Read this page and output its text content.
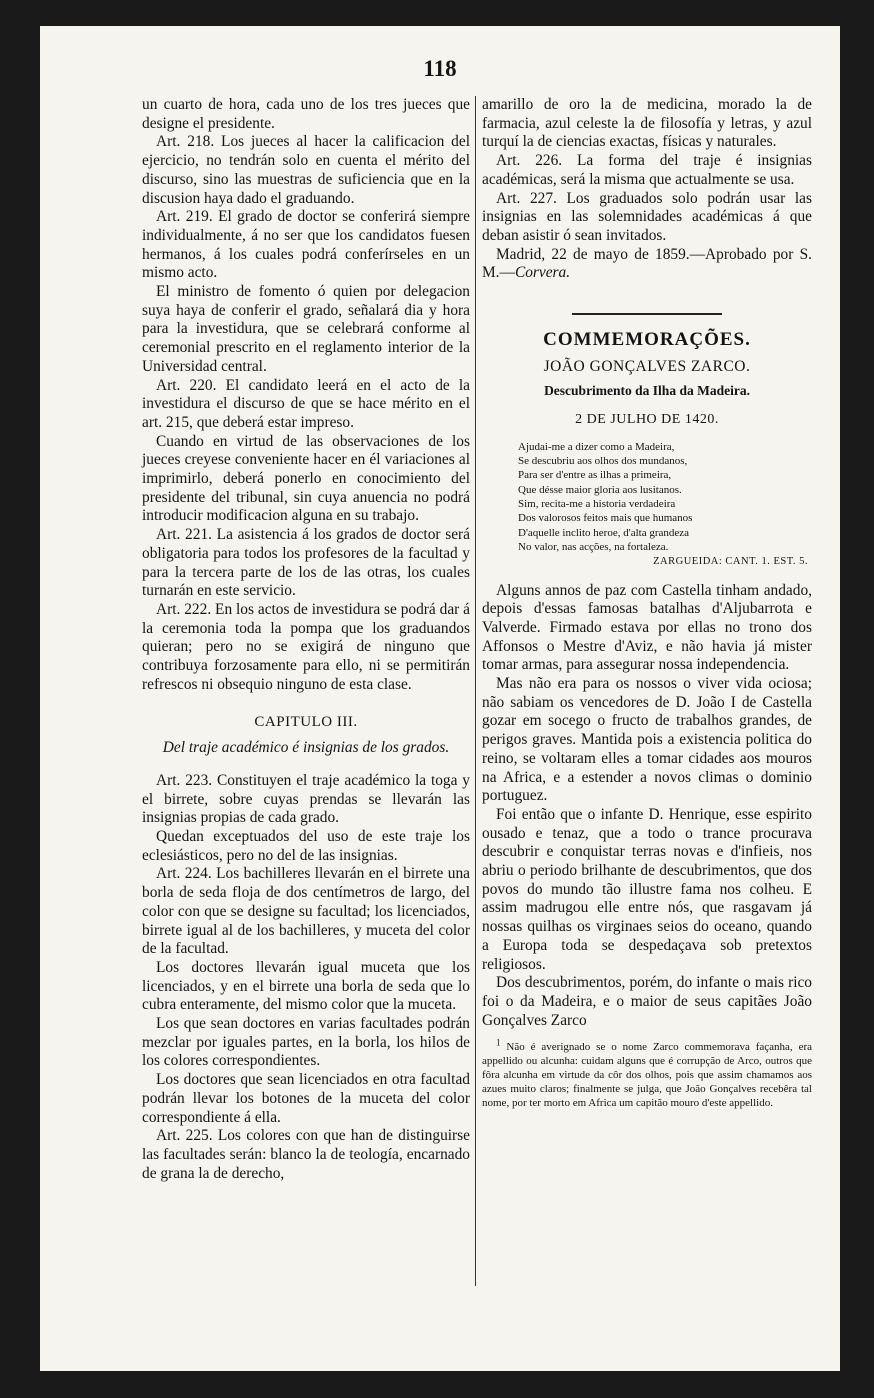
118

un cuarto de hora, cada uno de los tres jueces que designe el presidente.

Art. 218. Los jueces al hacer la calificacion del ejercicio, no tendrán solo en cuenta el mérito del discurso, sino las muestras de suficiencia que en la discusion haya dado el graduando.

Art. 219. El grado de doctor se conferirá siempre individualmente, á no ser que los candidatos fuesen hermanos, á los cuales podrá conferírseles en un mismo acto.

El ministro de fomento ó quien por delegacion suya haya de conferir el grado, señalará dia y hora para la investidura, que se celebrará conforme al ceremonial prescrito en el reglamento interior de la Universidad central.

Art. 220. El candidato leerá en el acto de la investidura el discurso de que se hace mérito en el art. 215, que deberá estar impreso.

Cuando en virtud de las observaciones de los jueces creyese conveniente hacer en él variaciones al imprimirlo, deberá ponerlo en conocimiento del presidente del tribunal, sin cuya anuencia no podrá introducir modificacion alguna en su trabajo.

Art. 221. La asistencia á los grados de doctor será obligatoria para todos los profesores de la facultad y para la tercera parte de los de las otras, los cuales turnarán en este servicio.

Art. 222. En los actos de investidura se podrá dar á la ceremonia toda la pompa que los graduandos quieran; pero no se exigirá de ninguno que contribuya forzosamente para ello, ni se permitirán refrescos ni obsequio ninguno de esta clase.

CAPITULO III.
Del traje académico é insignias de los grados.

Art. 223. Constituyen el traje académico la toga y el birrete, sobre cuyas prendas se llevarán las insignias propias de cada grado.

Quedan exceptuados del uso de este traje los eclesiásticos, pero no del de las insignias.

Art. 224. Los bachilleres llevarán en el birrete una borla de seda floja de dos centímetros de largo, del color con que se designe su facultad; los licenciados, birrete igual al de los bachilleres, y muceta del color de la facultad.

Los doctores llevarán igual muceta que los licenciados, y en el birrete una borla de seda que lo cubra enteramente, del mismo color que la muceta.

Los que sean doctores en varias facultades podrán mezclar por iguales partes, en la borla, los hilos de los colores correspondientes.

Los doctores que sean licenciados en otra facultad podrán llevar los botones de la muceta del color correspondiente á ella.

Art. 225. Los colores con que han de distinguirse las facultades serán: blanco la de teología, encarnado de grana la de derecho,

amarillo de oro la de medicina, morado la de farmacia, azul celeste la de filosofía y letras, y azul turquí la de ciencias exactas, físicas y naturales.

Art. 226. La forma del traje é insignias académicas, será la misma que actualmente se usa.

Art. 227. Los graduados solo podrán usar las insignias en las solemnidades académicas á que deban asistir ó sean invitados.

Madrid, 22 de mayo de 1859.—Aprobado por S. M.—Corvera.

COMMEMORAÇÕES.
JOÃO GONÇALVES ZARCO.
Descubrimento da Ilha da Madeira.
2 DE JULHO DE 1420.
Ajudai-me a dizer como a Madeira,
Se descubriu aos olhos dos mundanos,
Para ser d'entre as ilhas a primeira,
Que désse maior gloria aos lusitanos.
Sim, recita-me a historia verdadeira
Dos valorosos feitos mais que humanos
D'aquelle inclito heroe, d'alta grandeza
No valor, nas acções, na fortaleza.
ZARGUEIDA: CANT. 1. EST. 5.

Alguns annos de paz com Castella tinham andado, depois d'essas famosas batalhas d'Aljubarrota e Valverde. Firmado estava por ellas no trono dos Affonsos o Mestre d'Aviz, e não havia já mister tomar armas, para assegurar nossa independencia.

Mas não era para os nossos o viver vida ociosa; não sabiam os vencedores de D. João I de Castella gozar em socego o fructo de trabalhos grandes, de perigos graves. Mantida pois a existencia politica do reino, se voltaram elles a tomar cidades aos mouros na Africa, e a estender a novos climas o dominio portuguez.

Foi então que o infante D. Henrique, esse espirito ousado e tenaz, que a todo o trance procurava descubrir e conquistar terras novas e d'infieis, nos abriu o periodo brilhante de descubrimentos, que dos povos do mundo tão illustre fama nos colheu. E assim madrugou elle entre nós, que rasgavam já nossas quilhas os virginaes seios do oceano, quando a Europa toda se despedaçava sob pretextos religiosos.

Dos descubrimentos, porém, do infante o mais rico foi o da Madeira, e o maior de seus capitães João Gonçalves Zarco

$^1$ Não é averignado se o nome Zarco commemorava façanha, era appellido ou alcunha: cuidam alguns que é corrupção de Arco, outros que fôra alcunha em virtude da côr dos olhos, pois que assim chamamos aos azues muito claros; finalmente se julga, que João Gonçalves recebêra tal nome, por ter morto em Africa um capitão mouro d'este appellido.
